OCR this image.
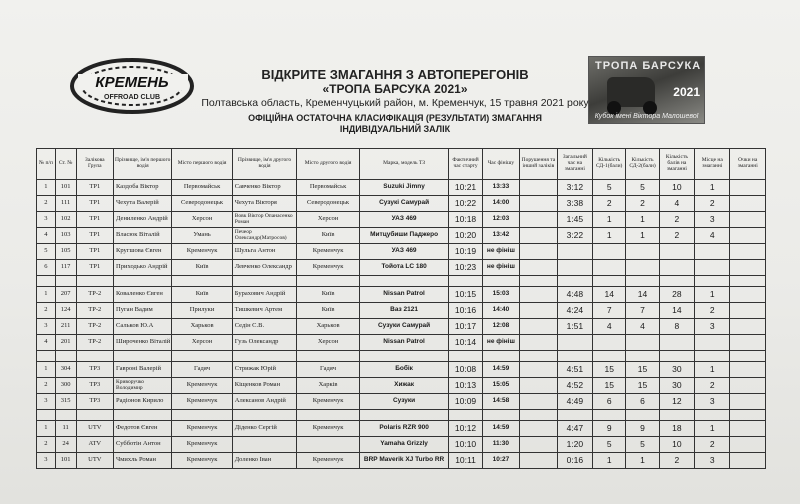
КРЕМЕНЬ
OFFROAD CLUB
ТРОПА БАРСУКА
2021
Кубок імені Віктора Малошевої
ВІДКРИТЕ ЗМАГАННЯ З АВТОПЕРЕГОНІВ
«ТРОПА БАРСУКА 2021»
Полтавська область, Кременчуцький район, м. Кременчук, 15 травня 2021 року
ОФІЦІЙНА ОСТАТОЧНА КЛАСИФІКАЦІЯ (РЕЗУЛЬТАТИ) ЗМАГАННЯ
ІНДИВІДУАЛЬНИЙ ЗАЛІК
№ п/п	Ст. №	Залікова Група	Прізвище, ім'я першого водія	Місто першого водія	Прізвище, ім'я другого водія	Місто другого водія	Марка, модель ТЗ	Фактичний час старту	Час фінішу	Порушення та інший заліків	Загальний час на змаганні	Кількість СД-1(бали)	Кількість СД-2(бали)	Кількість балів на змаганні	Місце на змаганні	Очки на змаганні
1	101	ТР1	Каздоба Віктор	Первомайськ	Савченко Віктор	Первомайськ	Suzuki Jimny	10:21	13:33		3:12	5	5	10	1	
2	111	ТР1	Чехута Валерій	Северодонецьк	Чехута Вікторя	Северодонецьк	Сузукі Самурай	10:22	14:00		3:38	2	2	4	2	
3	102	ТР1	Дениленко Андрій	Херсон	Вовк Віктор Опанасенко Роман	Херсон	УАЗ 469	10:18	12:03		1:45	1	1	2	3	
4	103	ТР1	Власюк Віталій	Умань	Печеор Олександр(Матросов)	Київ	Митцубиши Паджеро	10:20	13:42		3:22	1	1	2	4	
5	105	ТР1	Кругшова Євген	Кременчук	Шульга Антон	Кременчук	УАЗ 469	10:19	не фініш							
6	117	ТР1	Приходько Андрій	Київ	Левченко Олександр	Кременчук	Тойота LC 180	10:23	не фініш							

1	207	ТР-2	Коваленко Євген	Київ	Бурахович Андрій	Київ	Nissan Patrol	10:15	15:03		4:48	14	14	28	1	
2	124	ТР-2	Пуган Вадим	Прилуки	Тишкевич Артем	Київ	Ваз 2121	10:16	14:40		4:24	7	7	14	2	
3	211	ТР-2	Сальков Ю.А	Харьков	Седін С.В.	Харьков	Сузуки Самурай	10:17	12:08		1:51	4	4	8	3	
4	201	ТР-2	Широченко Віталій	Херсон	Гузь Олександр	Херсон	Nissan Patrol	10:14	не фініш							

1	304	ТР3	Гавроні Валерій	Гадяч	Стрижак Юрій	Гадяч	Бобік	10:08	14:59		4:51	15	15	30	1	
2	300	ТР3	Криворучко Володимир	Кременчук	Кіщенков Роман	Харків	Хижак	10:13	15:05		4:52	15	15	30	2	
3	315	ТР3	Радіонов Кирило	Кременчук	Алексанов Андрій	Кременчук	Сузуки	10:09	14:58		4:49	6	6	12	3	

1	11	UTV	Федотов Євген	Кременчук	Діденко Сергій	Кременчук	Polaris RZR 900	10:12	14:59		4:47	9	9	18	1	
2	24	ATV	Субботін Антон	Кременчук			Yamaha Grizzly	10:10	11:30		1:20	5	5	10	2	
3	101	UTV	Чмихль Роман	Кременчук	Доленко Іван	Кременчук	BRP Maverik XJ Turbo RR	10:11	10:27		0:16	1	1	2	3	
